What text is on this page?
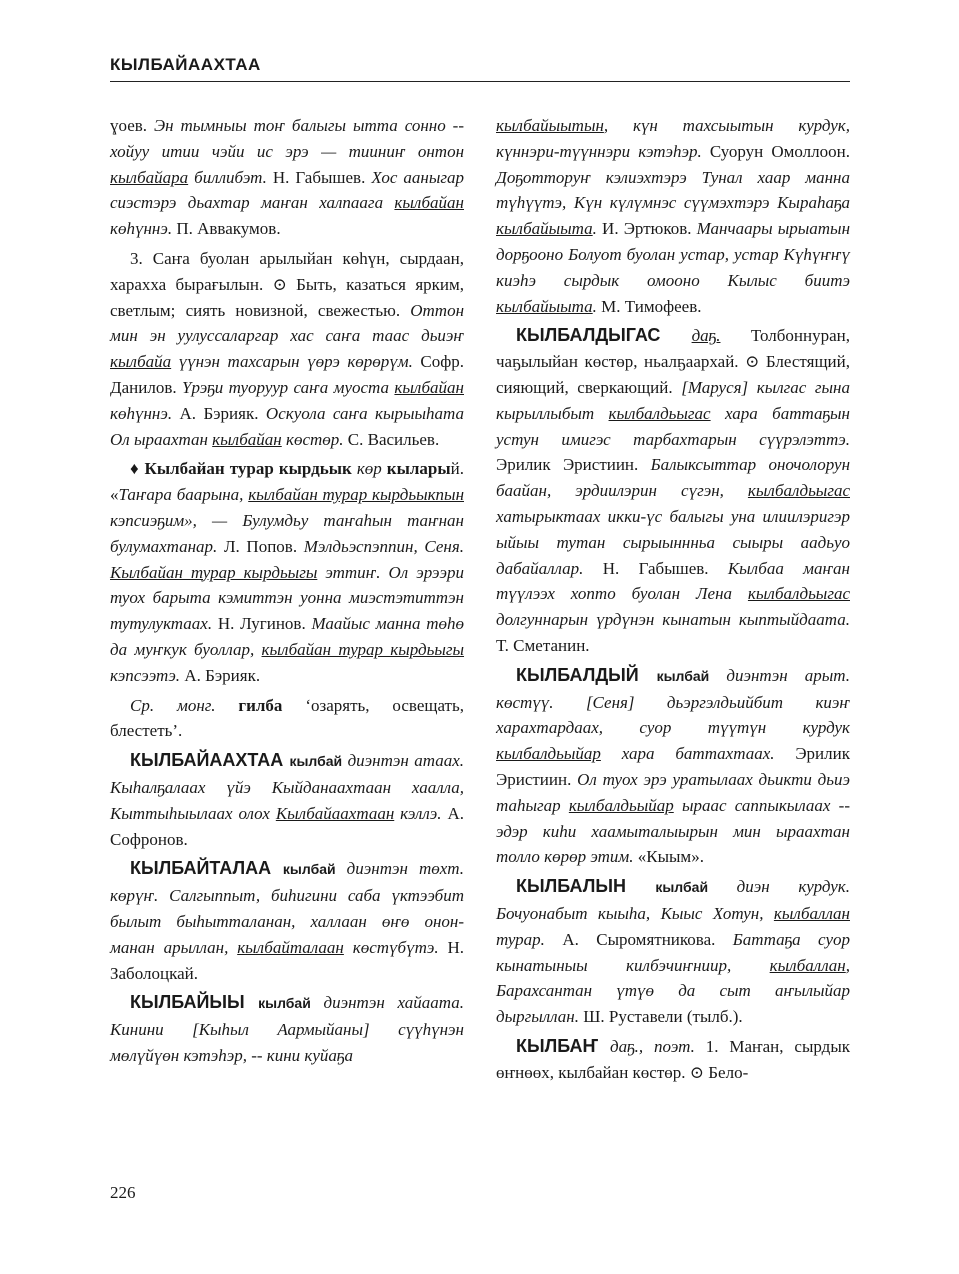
КЫЛБАЙААХТАА

ɣоев. Эн тымныы тоҥ балыгы ытта сонно -- хойуу итии чэйи ис эрэ — тииниҥ онтон кылбайара биллибэт. Н. Габышев. Хос ааныгар сиэстэрэ дьахтар маҥан халпаага кылбайан көһүннэ. П. Аввакумов.

3. Саҥа буолан арылыйан көһүн, сырдаан, харахха бырағылын. ⊙ Быть, казаться ярким, светлым; сиять новизной, свежестью. Оттон мин эн уулуссаларгар хас саҥа таас дьиэҥ кылбайа үүнэн тахсарын үөрэ көрөрүм. Софр. Данилов. Үрэҕи туоруур саҥа муоста кылбайан көһүннэ. А. Бэрияк. Оскуола саҥа кырыыһата Ол ыраахтан кылбайан көстөр. С. Васильев.

♦ Кылбайан турар кырдьык көр кыларый. «Таҥара баарына, кылбайан турар кырдьыкпын кэпсиэҕим», — Булумдьу таҥаһын таҥнан булумахтанар. Л. Попов. Мэлдьэспэппин, Сеня. Кылбайан турар кырдьыгы эттиҥ. Ол эрээри туох барыта кэмиттэн уонна миэстэтиттэн тутулуктаах. Н. Лугинов. Маайыс манна төһө да муҥкук буоллар, кылбайан турар кырдьыгы кэпсээтэ. А. Бэрияк.

Ср. монг. гилба ‘озарять, освещать, блестеть’.

КЫЛБАЙААХТАА кылбай диэнтэн атаах. Кыһалҕалаах үйэ Кыйданаахтаан хаалла, Кыттыһыылаах олох Кылбайаахтаан кэллэ. А. Софронов.

КЫЛБАЙТАЛАА кылбай диэнтэн төхт. көрүҥ. Салгыппыт, биһигини саба үктээбит былыт быһытталанан, халлаан өҥө онон-манан арыллан, кылбайталаан көстүбүтэ. Н. Заболоцкай.

КЫЛБАЙЫЫ кылбай диэнтэн хайаата. Кинини [Кыһыл Аармыйаны] сүүһүнэн мөлүйүөн кэтэһэр, -- кини куйаҕа

кылбайыытын, күн тахсыытын курдук, күннэри-түүннэри кэтэһэр. Суорун Омоллоон. Доҕотторуҥ кэлиэхтэрэ Тунал хаар манна түһүүтэ, Күн күлүмнэс сүүмэхтэрэ Кыраһаҕа кылбайыыта. И. Эртюков. Манчаары ырыатын дорҕооно Болуот буолан устар, устар Күһүҥҥү киэһэ сырдык омооно Кылыс биитэ кылбайыыта. М. Тимофеев.

КЫЛБАЛДЫГАС даҕ. Толбоннуран, чаҕылыйан көстөр, ньалҕаархай. ⊙ Блестящий, сияющий, сверкающий. [Маруся] кылгас гына кырыллыбыт кылбалдьыгас хара баттаҕын устун имигэс тарбахтарын сүүрэлэттэ. Эрилик Эристиин. Балыксыттар оночолорун баайан, эрдиилэрин сүгэн, кылбалдьыгас хатырыктаах икки-үс балыгы уна илиилэригэр ыйыы тутан сырыыннньа сыыры аадьуо дабайаллар. Н. Габышев. Кылбаа маҥан түүлээх хопто буолан Лена кылбалдьыгас долгуннарын үрдүнэн кынатын кыптыйдаата. Т. Сметанин.

КЫЛБАЛДЫЙ кылбай диэнтэн арыт. көстүү. [Сеня] дьэргэлдьийбит киэҥ харахтардаах, суор түүтүн курдук кылбалдьыйар хара баттахтаах. Эрилик Эристиин. Ол туох эрэ уратылаах дьикти дьиэ таһыгар кылбалдьыйар ыраас саппыкылаах -- эдэр киһи хаамыталыырын мин ыраахтан толло көрөр этим. «Кыым».

КЫЛБАЛЫН кылбай диэн курдук. Бочуонабыт кыыһа, Кыыс Хотун, кылбаллан турар. А. Сыромятникова. Баттаҕа суор кынатыныы килбэчиҥниир, кылбаллан, Барахсантан үтүө да сыт аҥылыйар дыргыллан. Ш. Руставели (тылб.).

КЫЛБАҤ даҕ., поэт. 1. Маҥан, сырдык өҥнөөх, кылбайан көстөр. ⊙ Бело-

226
